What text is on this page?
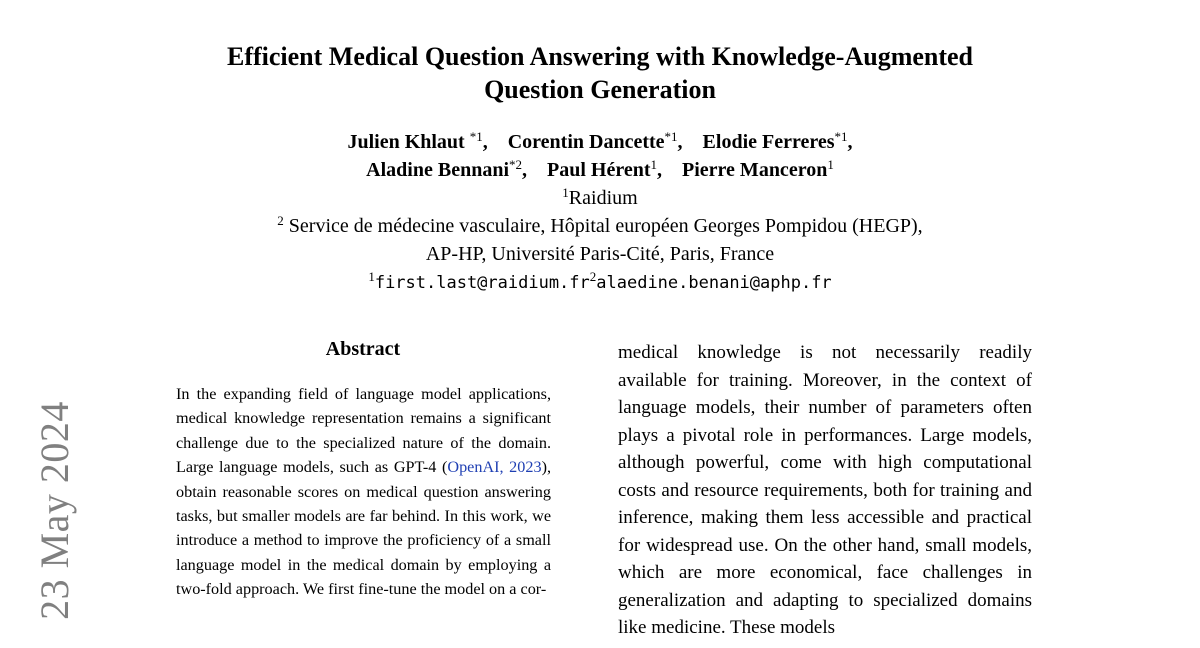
23 May 2024
Efficient Medical Question Answering with Knowledge-Augmented
Question Generation
Julien Khlaut $^{*1}$, Corentin Dancette$^{*1}$, Elodie Ferreres$^{*1}$,
Aladine Bennani$^{*2}$, Paul Hérent$^1$, Pierre Manceron$^1$
$^1$Raidium
$^2$ Service de médecine vasculaire, Hôpital européen Georges Pompidou (HEGP),
AP-HP, Université Paris-Cité, Paris, France
$^1first.last@raidium.fr^2alaedine.benani@aphp.fr$
Abstract
In the expanding field of language model applications, medical knowledge representation remains a significant challenge due to the specialized nature of the domain. Large language models, such as GPT-4 (OpenAI, 2023), obtain reasonable scores on medical question answering tasks, but smaller models are far behind. In this work, we introduce a method to improve the proficiency of a small language model in the medical domain by employing a two-fold approach. We first fine-tune the model on a cor-
medical knowledge is not necessarily readily available for training. Moreover, in the context of language models, their number of parameters often plays a pivotal role in performances. Large models, although powerful, come with high computational costs and resource requirements, both for training and inference, making them less accessible and practical for widespread use. On the other hand, small models, which are more economical, face challenges in generalization and adapting to specialized domains like medicine. These models
